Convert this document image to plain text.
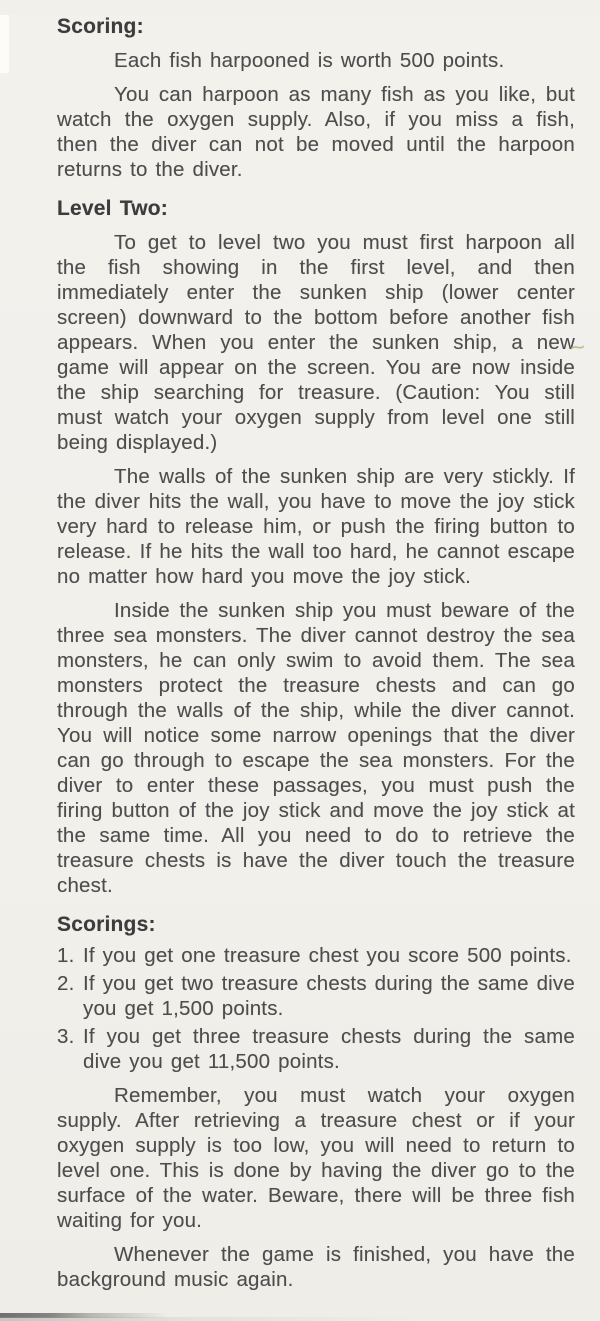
Scoring:

Each fish harpooned is worth 500 points.

You can harpoon as many fish as you like, but watch the oxygen supply. Also, if you miss a fish, then the diver can not be moved until the harpoon returns to the diver.

Level Two:

To get to level two you must first harpoon all the fish showing in the first level, and then immediately enter the sunken ship (lower center screen) downward to the bottom before another fish appears. When you enter the sunken ship, a new game will appear on the screen. You are now inside the ship searching for treasure. (Caution: You still must watch your oxygen supply from level one still being displayed.)

The walls of the sunken ship are very stickly. If the diver hits the wall, you have to move the joy stick very hard to release him, or push the firing button to release. If he hits the wall too hard, he cannot escape no matter how hard you move the joy stick.

Inside the sunken ship you must beware of the three sea monsters. The diver cannot destroy the sea monsters, he can only swim to avoid them. The sea monsters protect the treasure chests and can go through the walls of the ship, while the diver cannot. You will notice some narrow openings that the diver can go through to escape the sea monsters. For the diver to enter these passages, you must push the firing button of the joy stick and move the joy stick at the same time. All you need to do to retrieve the treasure chests is have the diver touch the treasure chest.

Scorings:
1. If you get one treasure chest you score 500 points.
2. If you get two treasure chests during the same dive you get 1,500 points.
3. If you get three treasure chests during the same dive you get 11,500 points.

Remember, you must watch your oxygen supply. After retrieving a treasure chest or if your oxygen supply is too low, you will need to return to level one. This is done by having the diver go to the surface of the water. Beware, there will be three fish waiting for you.

Whenever the game is finished, you have the background music again.

~
